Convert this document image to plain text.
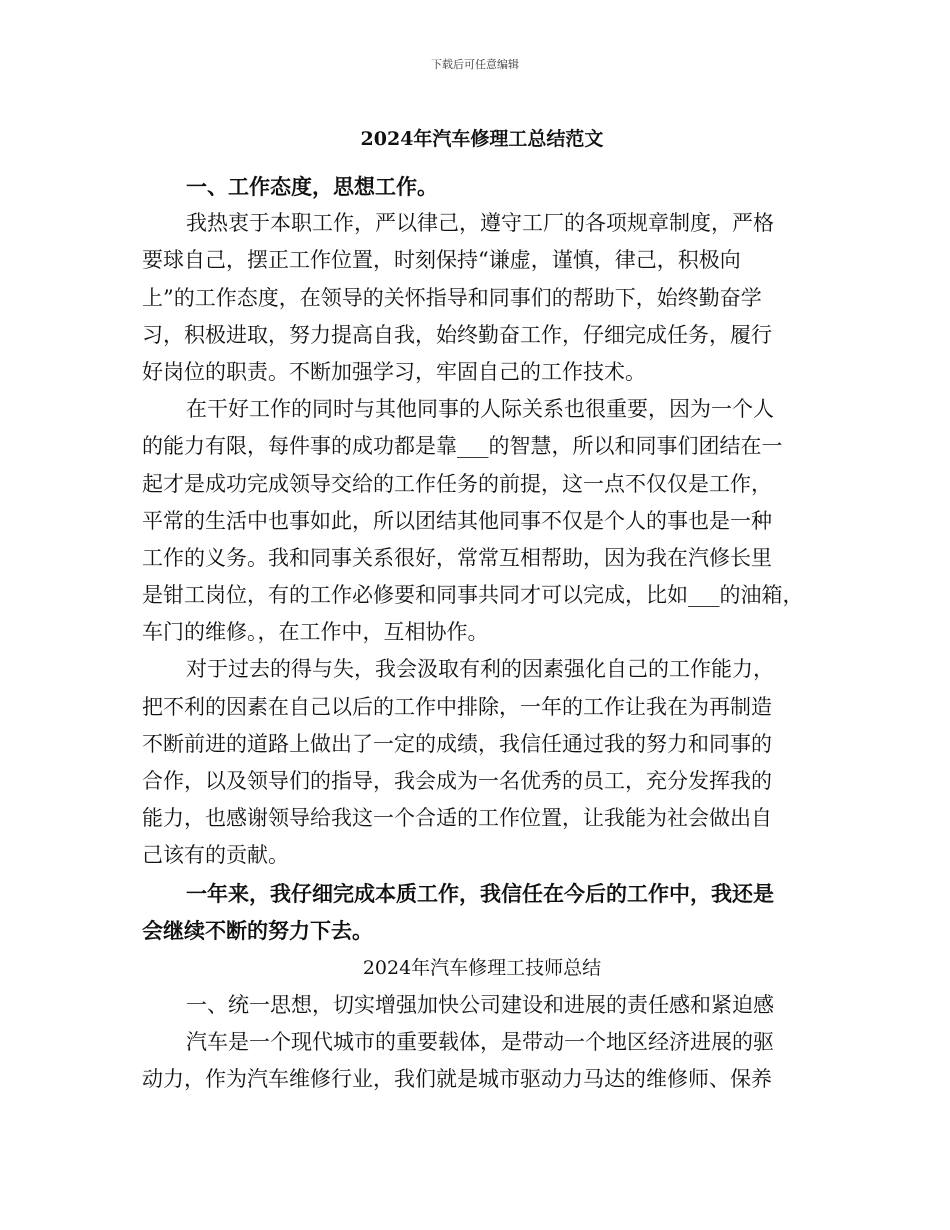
下载后可任意编辑
2024年汽车修理工总结范文
一、工作态度，思想工作。
我热衷于本职工作，严以律己，遵守工厂的各项规章制度，严格
要球自己，摆正工作位置，时刻保持“谦虚，谨慎，律己，积极向
上”的工作态度，在领导的关怀指导和同事们的帮助下，始终勤奋学
习，积极进取，努力提高自我，始终勤奋工作，仔细完成任务，履行
好岗位的职责。不断加强学习，牢固自己的工作技术。
在干好工作的同时与其他同事的人际关系也很重要，因为一个人
的能力有限，每件事的成功都是靠___的智慧，所以和同事们团结在一
起才是成功完成领导交给的工作任务的前提，这一点不仅仅是工作，
平常的生活中也事如此，所以团结其他同事不仅是个人的事也是一种
工作的义务。我和同事关系很好，常常互相帮助，因为我在汽修长里
是钳工岗位，有的工作必修要和同事共同才可以完成，比如___的油箱，
车门的维修。，在工作中，互相协作。
对于过去的得与失，我会汲取有利的因素强化自己的工作能力，
把不利的因素在自己以后的工作中排除，一年的工作让我在为再制造
不断前进的道路上做出了一定的成绩，我信任通过我的努力和同事的
合作，以及领导们的指导，我会成为一名优秀的员工，充分发挥我的
能力，也感谢领导给我这一个合适的工作位置，让我能为社会做出自
己该有的贡献。
一年来，我仔细完成本质工作，我信任在今后的工作中，我还是
会继续不断的努力下去。
2024年汽车修理工技师总结
一、统一思想，切实增强加快公司建设和进展的责任感和紧迫感
汽车是一个现代城市的重要载体，是带动一个地区经济进展的驱
动力，作为汽车维修行业，我们就是城市驱动力马达的维修师、保养
